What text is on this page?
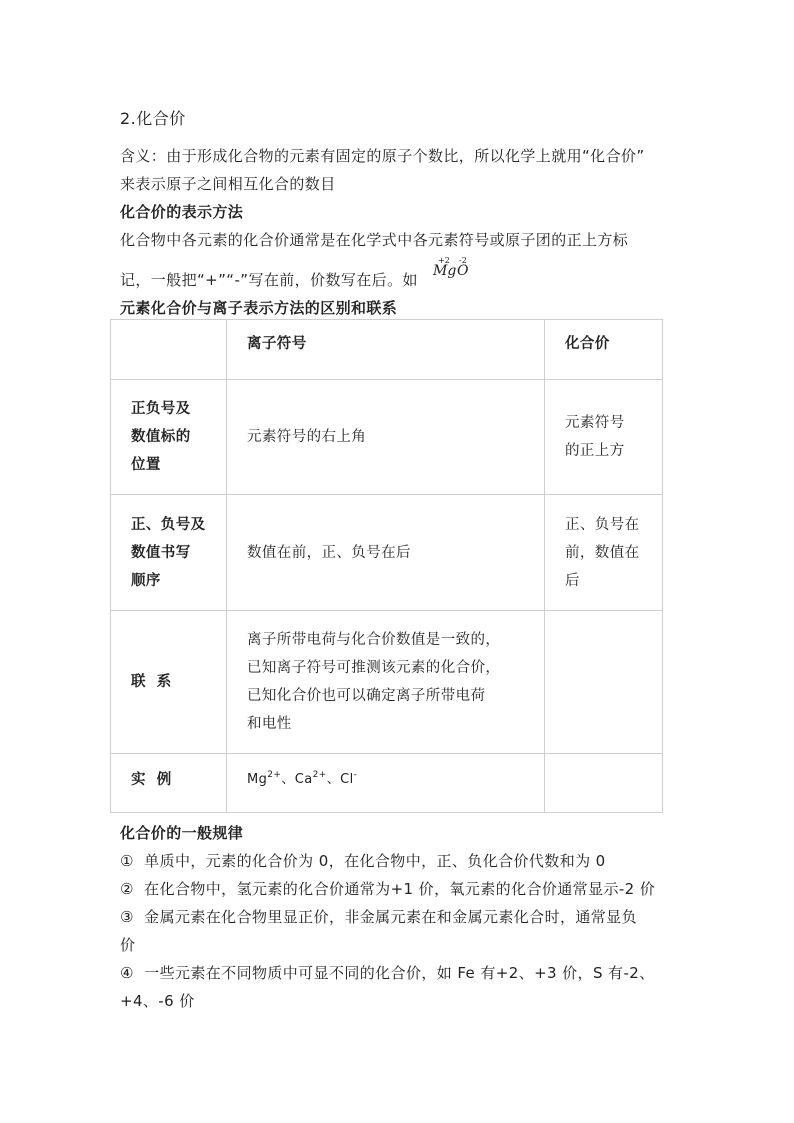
2.化合价
含义：由于形成化合物的元素有固定的原子个数比，所以化学上就用“化合价”
来表示原子之间相互化合的数目
化合价的表示方法
化合物中各元素的化合价通常是在化学式中各元素符号或原子团的正上方标
记，一般把“+”“-”写在前，价数写在后。如
+2
Mg
-2
O
元素化合价与离子表示方法的区别和联系
	离子符号	化合价

正负号及
数值标的
位置	元素符号的右上角	元素符号
的正上方

正、负号及
数值书写
顺序	数值在前，正、负号在后	正、负号在
前，数值在
后

联  系	离子所带电荷与化合价数值是一致的，
已知离子符号可推测该元素的化合价，
已知化合价也可以确定离子所带电荷
和电性	

实  例	$Mg^{2+}$、$Ca^{2+}$、Cl-	
化合价的一般规律
①  单质中，元素的化合价为 0，在化合物中，正、负化合价代数和为 0
②  在化合物中，氢元素的化合价通常为+1 价，氧元素的化合价通常显示-2 价
③  金属元素在化合物里显正价，非金属元素在和金属元素化合时，通常显负
价
④  一些元素在不同物质中可显不同的化合价，如 Fe 有+2、+3 价，S 有-2、
+4、-6 价
